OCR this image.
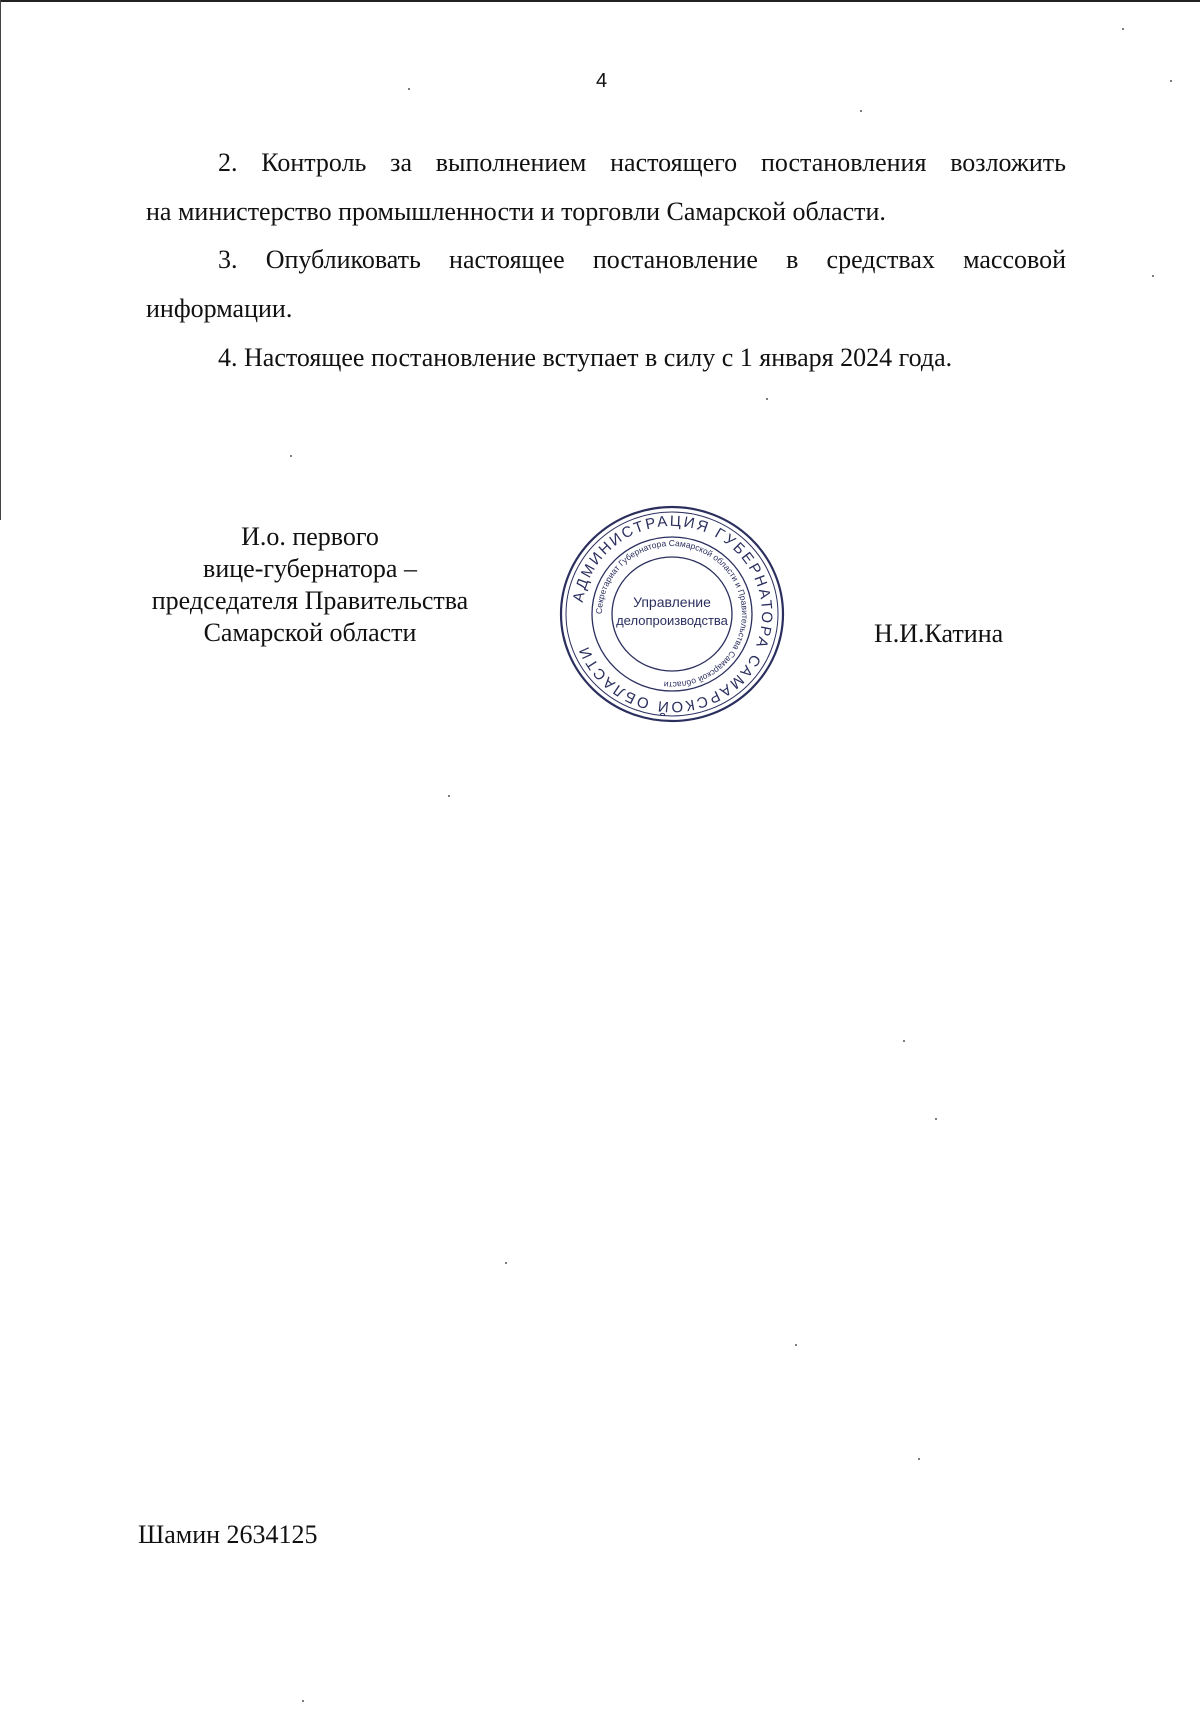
4
2. Контроль за выполнением настоящего постановления возложить
на министерство промышленности и торговли Самарской области.
3. Опубликовать настоящее постановление в средствах массовой
информации.
4. Настоящее постановление вступает в силу с 1 января 2024 года.
И.о. первого
вице-губернатора –
председателя Правительства
Самарской области
АДМИНИСТРАЦИЯ ГУБЕРНАТОРА САМАРСКОЙ ОБЛАСТИ
Секретариат Губернатора Самарской области и Правительства Самарской области
Управление
делопроизводства	Н.И.Катина
Шамин 2634125
